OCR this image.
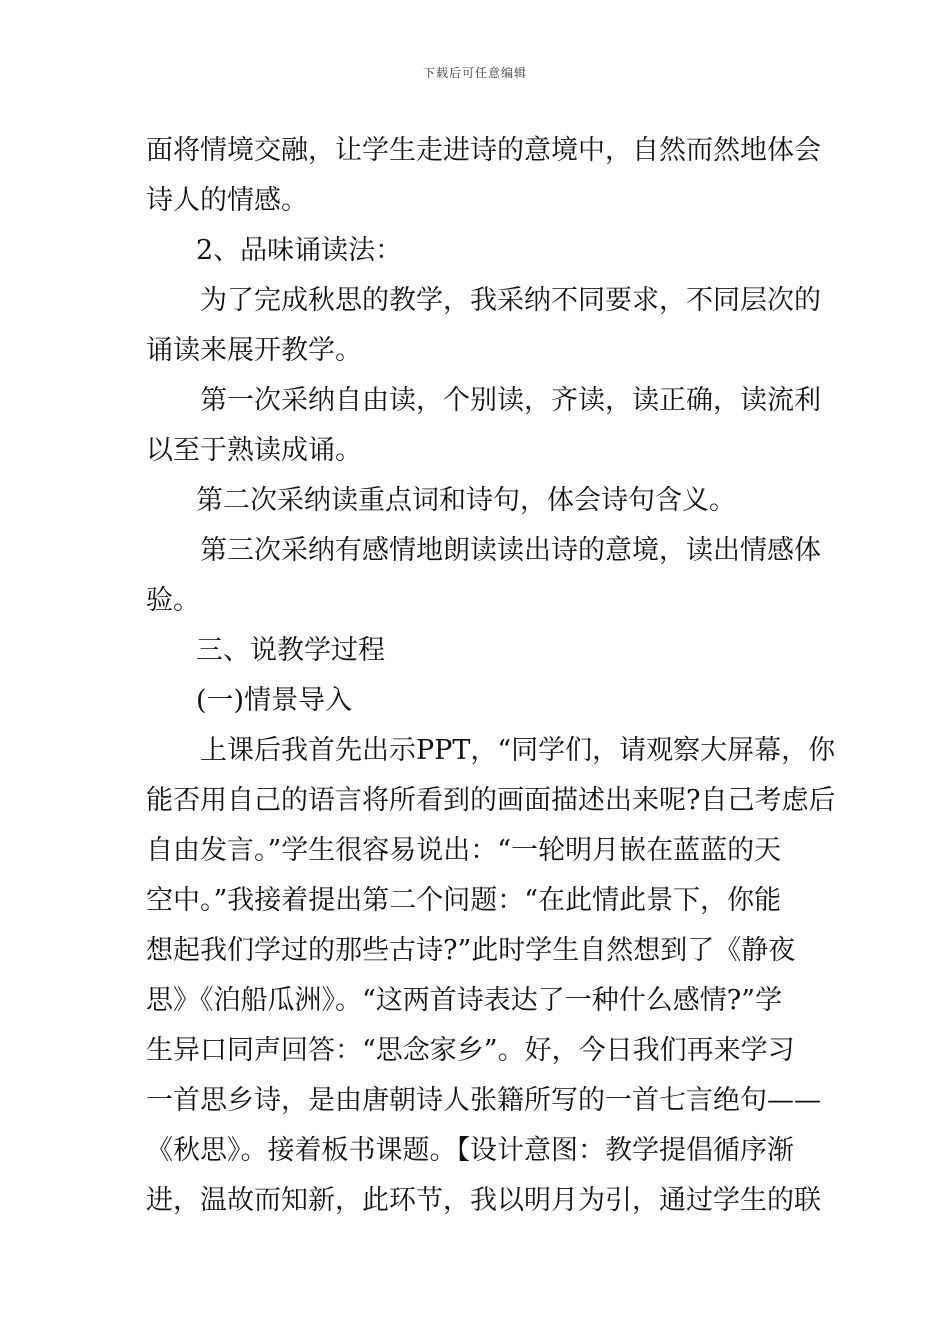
下载后可任意编辑
面将情境交融，让学生走进诗的意境中，自然而然地体会
诗人的情感。
2、品味诵读法：
为了完成秋思的教学，我采纳不同要求，不同层次的
诵读来展开教学。
第一次采纳自由读，个别读，齐读，读正确，读流利
以至于熟读成诵。
第二次采纳读重点词和诗句，体会诗句含义。
第三次采纳有感情地朗读读出诗的意境，读出情感体
验。
三、说教学过程
(一)情景导入
上课后我首先出示PPT，“同学们，请观察大屏幕，你
能否用自己的语言将所看到的画面描述出来呢?自己考虑后
自由发言。”学生很容易说出：“一轮明月嵌在蓝蓝的天
空中。”我接着提出第二个问题：“在此情此景下，你能
想起我们学过的那些古诗?”此时学生自然想到了《静夜
思》《泊船瓜洲》。“这两首诗表达了一种什么感情?”学
生异口同声回答：“思念家乡”。好，今日我们再来学习
一首思乡诗，是由唐朝诗人张籍所写的一首七言绝句——
《秋思》。接着板书课题。【设计意图：教学提倡循序渐
进，温故而知新，此环节，我以明月为引，通过学生的联
